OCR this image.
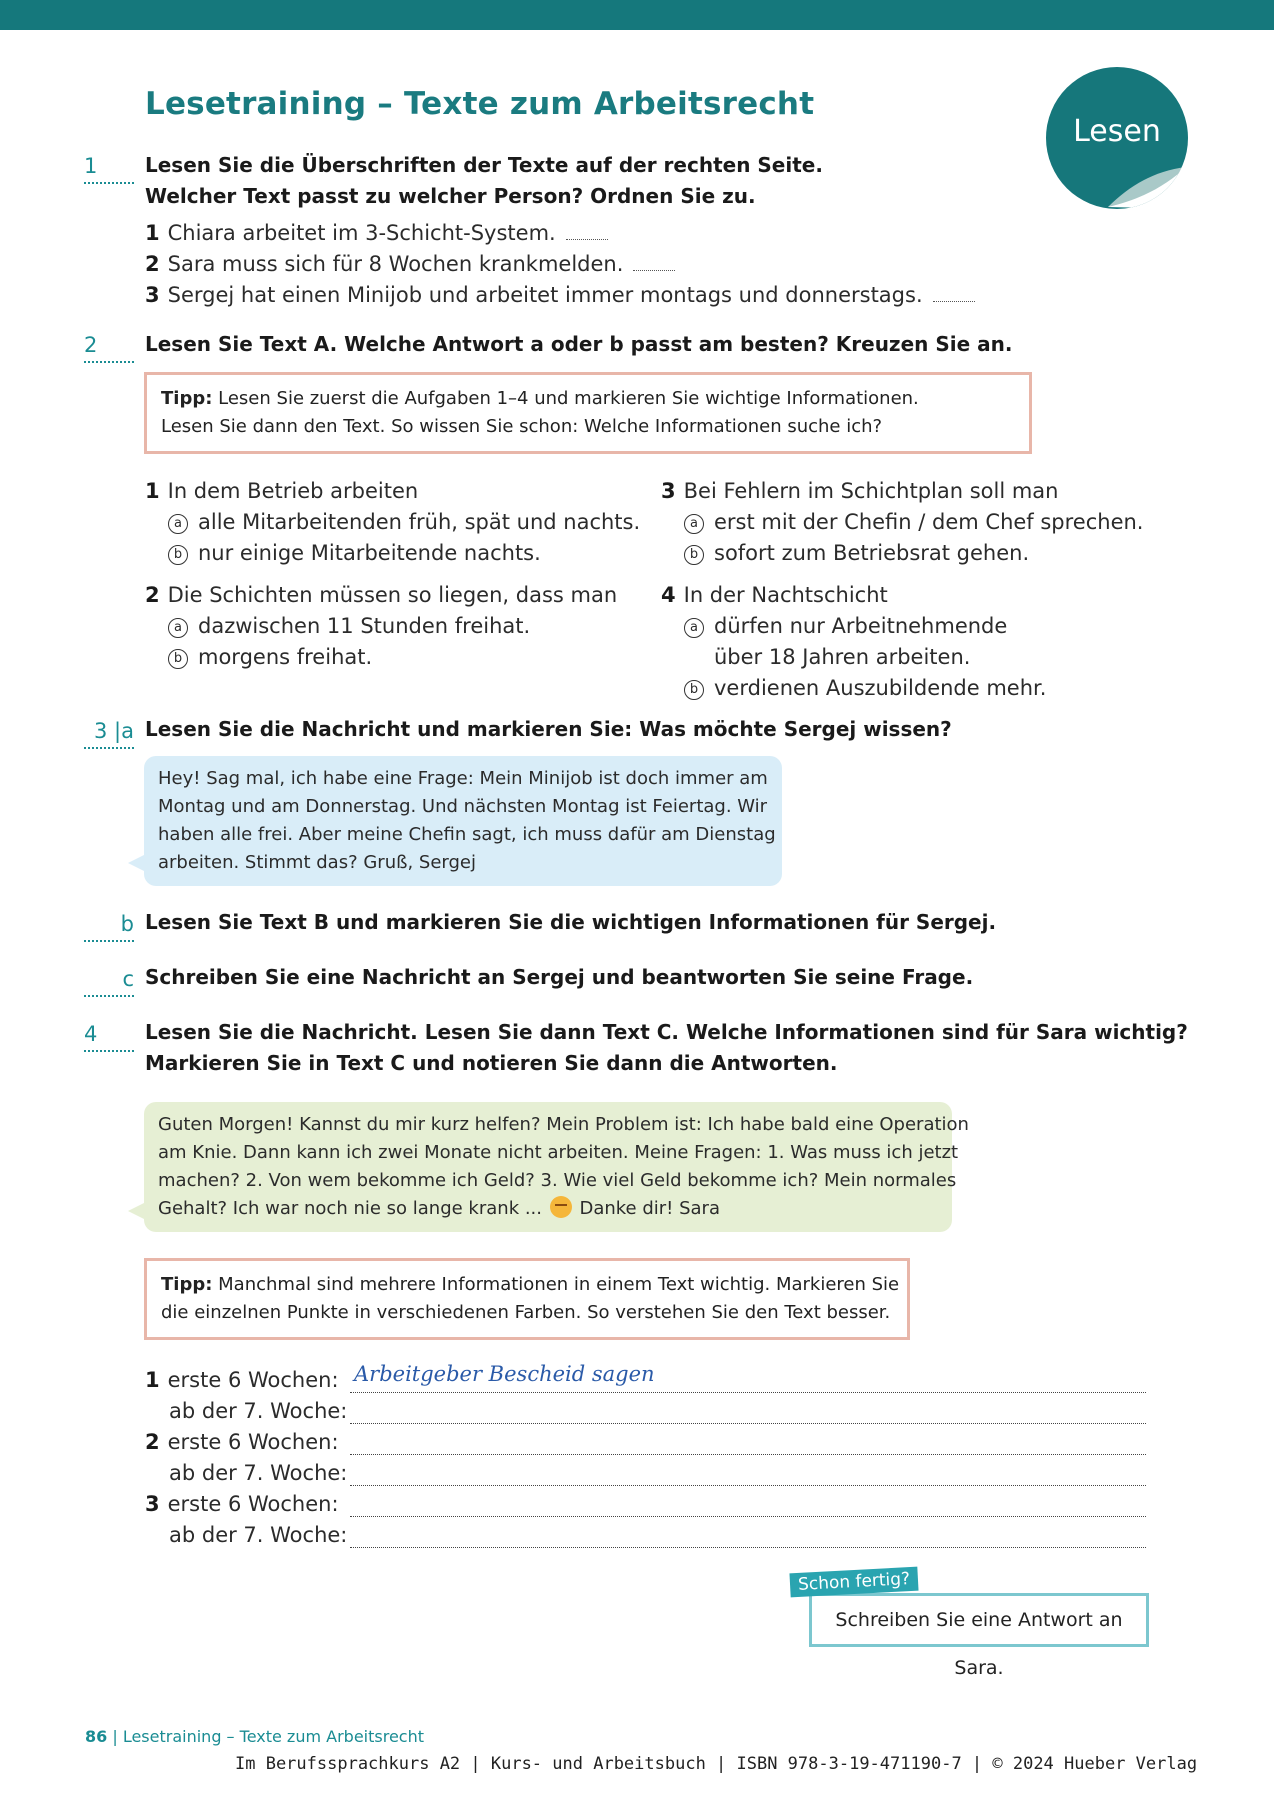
Lesetraining – Texte zum Arbeitsrecht
Lesen
1	Lesen Sie die Überschriften der Texte auf der rechten Seite.
Welcher Text passt zu welcher Person? Ordnen Sie zu.
1 Chiara arbeitet im 3-Schicht-System.
2 Sara muss sich für 8 Wochen krankmelden.
3 Sergej hat einen Minijob und arbeitet immer montags und donnerstags.
2	Lesen Sie Text A. Welche Antwort a oder b passt am besten? Kreuzen Sie an.
Tipp: Lesen Sie zuerst die Aufgaben 1–4 und markieren Sie wichtige Informationen.
Lesen Sie dann den Text. So wissen Sie schon: Welche Informationen suche ich?
1 In dem Betrieb arbeiten
a alle Mitarbeitenden früh, spät und nachts.
b nur einige Mitarbeitende nachts.
2 Die Schichten müssen so liegen, dass man
a dazwischen 11 Stunden freihat.
b morgens freihat.
3 Bei Fehlern im Schichtplan soll man
a erst mit der Chefin / dem Chef sprechen.
b sofort zum Betriebsrat gehen.
4 In der Nachtschicht
a dürfen nur Arbeitnehmende
über 18 Jahren arbeiten.
b verdienen Auszubildende mehr.
3 |a Lesen Sie die Nachricht und markieren Sie: Was möchte Sergej wissen?
Hey! Sag mal, ich habe eine Frage: Mein Minijob ist doch immer am
Montag und am Donnerstag. Und nächsten Montag ist Feiertag. Wir
haben alle frei. Aber meine Chefin sagt, ich muss dafür am Dienstag
arbeiten. Stimmt das? Gruß, Sergej
b Lesen Sie Text B und markieren Sie die wichtigen Informationen für Sergej.
c Schreiben Sie eine Nachricht an Sergej und beantworten Sie seine Frage.
4	Lesen Sie die Nachricht. Lesen Sie dann Text C. Welche Informationen sind für Sara wichtig?
Markieren Sie in Text C und notieren Sie dann die Antworten.
Guten Morgen! Kannst du mir kurz helfen? Mein Problem ist: Ich habe bald eine Operation
am Knie. Dann kann ich zwei Monate nicht arbeiten. Meine Fragen: 1. Was muss ich jetzt
machen? 2. Von wem bekomme ich Geld? 3. Wie viel Geld bekomme ich? Mein normales
Gehalt? Ich war noch nie so lange krank ...  Danke dir! Sara
Tipp: Manchmal sind mehrere Informationen in einem Text wichtig. Markieren Sie
die einzelnen Punkte in verschiedenen Farben. So verstehen Sie den Text besser.
1 erste 6 Wochen: Arbeitgeber Bescheid sagen
ab der 7. Woche:
2 erste 6 Wochen:
ab der 7. Woche:
3 erste 6 Wochen:
ab der 7. Woche:
Schreiben Sie eine Antwort an Sara.
Schon fertig?
86 | Lesetraining – Texte zum Arbeitsrecht
Im Berufssprachkurs A2 | Kurs- und Arbeitsbuch | ISBN 978-3-19-471190-7 | © 2024 Hueber Verlag
